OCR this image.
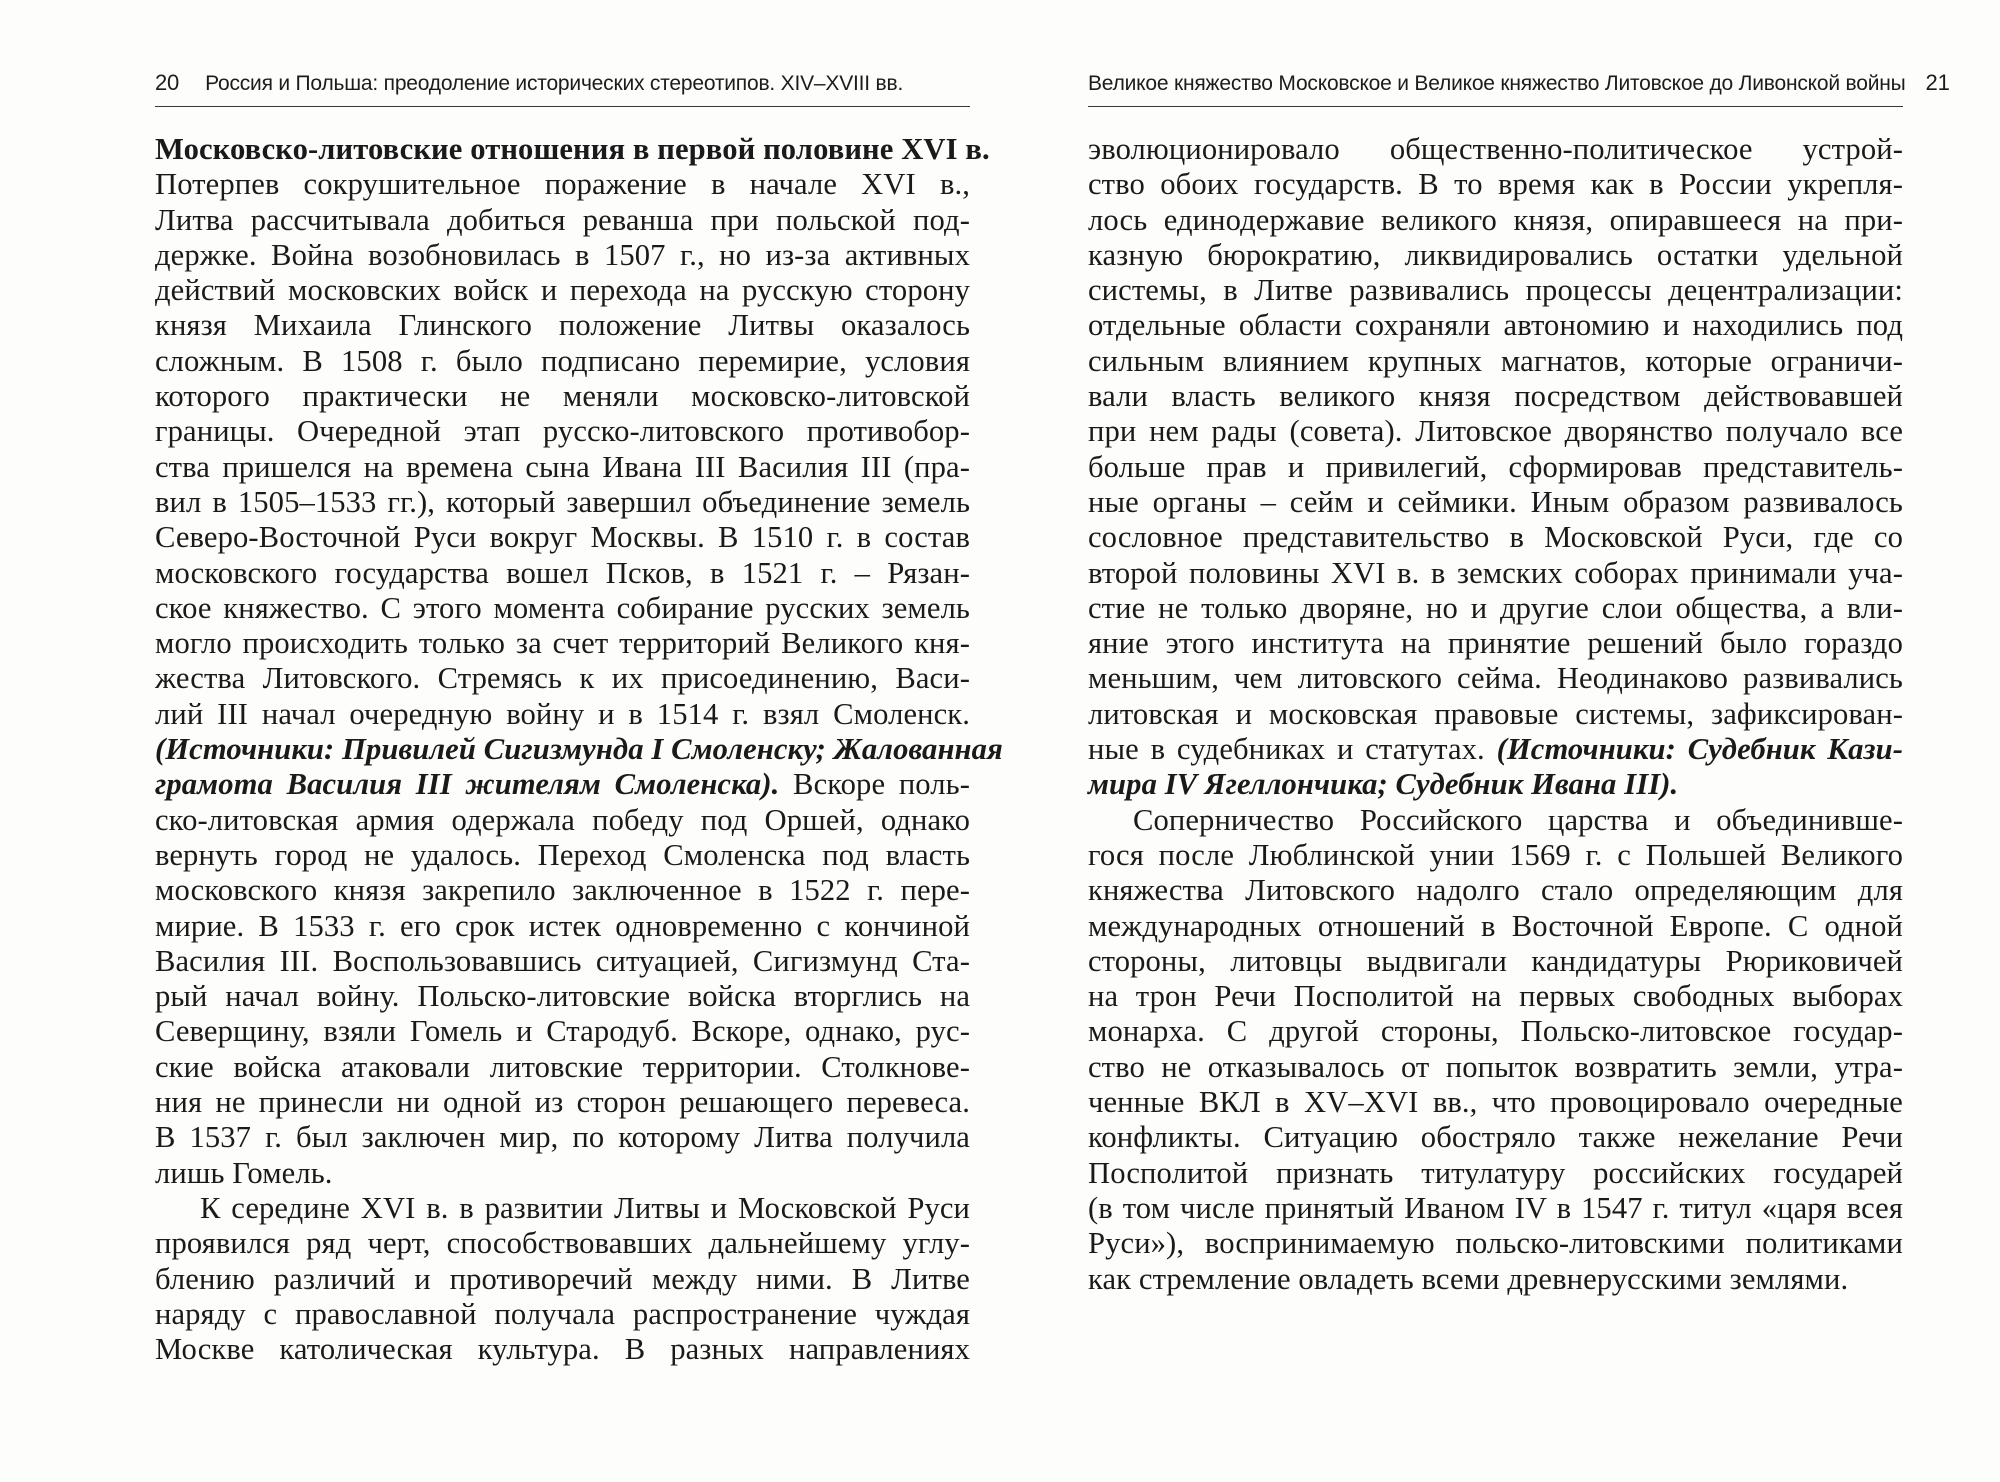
20 Россия и Польша: преодоление исторических стереотипов. XIV–XVIII вв.
Московско-литовские отношения в первой половине XVI в.
Потерпев сокрушительное поражение в начале XVI в.,
Литва рассчитывала добиться реванша при польской под-
держке. Война возобновилась в 1507 г., но из-за активных
действий московских войск и перехода на русскую сторону
князя Михаила Глинского положение Литвы оказалось
сложным. В 1508 г. было подписано перемирие, условия
которого практически не меняли московско-литовской
границы. Очередной этап русско-литовского противобор-
ства пришелся на времена сына Ивана III Василия III (пра-
вил в 1505–1533 гг.), который завершил объединение земель
Северо-Восточной Руси вокруг Москвы. В 1510 г. в состав
московского государства вошел Псков, в 1521 г. – Рязан-
ское княжество. С этого момента собирание русских земель
могло происходить только за счет территорий Великого кня-
жества Литовского. Стремясь к их присоединению, Васи-
лий III начал очередную войну и в 1514 г. взял Смоленск.
(Источники: Привилей Сигизмунда I Смоленску; Жалованная
грамота Василия III жителям Смоленска). Вскоре поль-
ско-литовская армия одержала победу под Оршей, однако
вернуть город не удалось. Переход Смоленска под власть
московского князя закрепило заключенное в 1522 г. пере-
мирие. В 1533 г. его срок истек одновременно с кончиной
Василия III. Воспользовавшись ситуацией, Сигизмунд Ста-
рый начал войну. Польско-литовские войска вторглись на
Северщину, взяли Гомель и Стародуб. Вскоре, однако, рус-
ские войска атаковали литовские территории. Столкнове-
ния не принесли ни одной из сторон решающего перевеса.
В 1537 г. был заключен мир, по которому Литва получила
лишь Гомель.
К середине XVI в. в развитии Литвы и Московской Руси
проявился ряд черт, способствовавших дальнейшему углу-
блению различий и противоречий между ними. В Литве
наряду с православной получала распространение чуждая
Москве католическая культура. В разных направлениях
Великое княжество Московское и Великое княжество Литовское до Ливонской войны 21
эволюционировало общественно-политическое устрой-
ство обоих государств. В то время как в России укрепля-
лось единодержавие великого князя, опиравшееся на при-
казную бюрократию, ликвидировались остатки удельной
системы, в Литве развивались процессы децентрализации:
отдельные области сохраняли автономию и находились под
сильным влиянием крупных магнатов, которые ограничи-
вали власть великого князя посредством действовавшей
при нем рады (совета). Литовское дворянство получало все
больше прав и привилегий, сформировав представитель-
ные органы – сейм и сеймики. Иным образом развивалось
сословное представительство в Московской Руси, где со
второй половины XVI в. в земских соборах принимали уча-
стие не только дворяне, но и другие слои общества, а вли-
яние этого института на принятие решений было гораздо
меньшим, чем литовского сейма. Неодинаково развивались
литовская и московская правовые системы, зафиксирован-
ные в судебниках и статутах. (Источники: Судебник Кази-
мира IV Ягеллончика; Судебник Ивана III).
Соперничество Российского царства и объединивше-
гося после Люблинской унии 1569 г. с Польшей Великого
княжества Литовского надолго стало определяющим для
международных отношений в Восточной Европе. С одной
стороны, литовцы выдвигали кандидатуры Рюриковичей
на трон Речи Посполитой на первых свободных выборах
монарха. С другой стороны, Польско-литовское государ-
ство не отказывалось от попыток возвратить земли, утра-
ченные ВКЛ в XV–XVI вв., что провоцировало очередные
конфликты. Ситуацию обостряло также нежелание Речи
Посполитой признать титулатуру российских государей
(в том числе принятый Иваном IV в 1547 г. титул «царя всея
Руси»), воспринимаемую польско-литовскими политиками
как стремление овладеть всеми древнерусскими землями.
